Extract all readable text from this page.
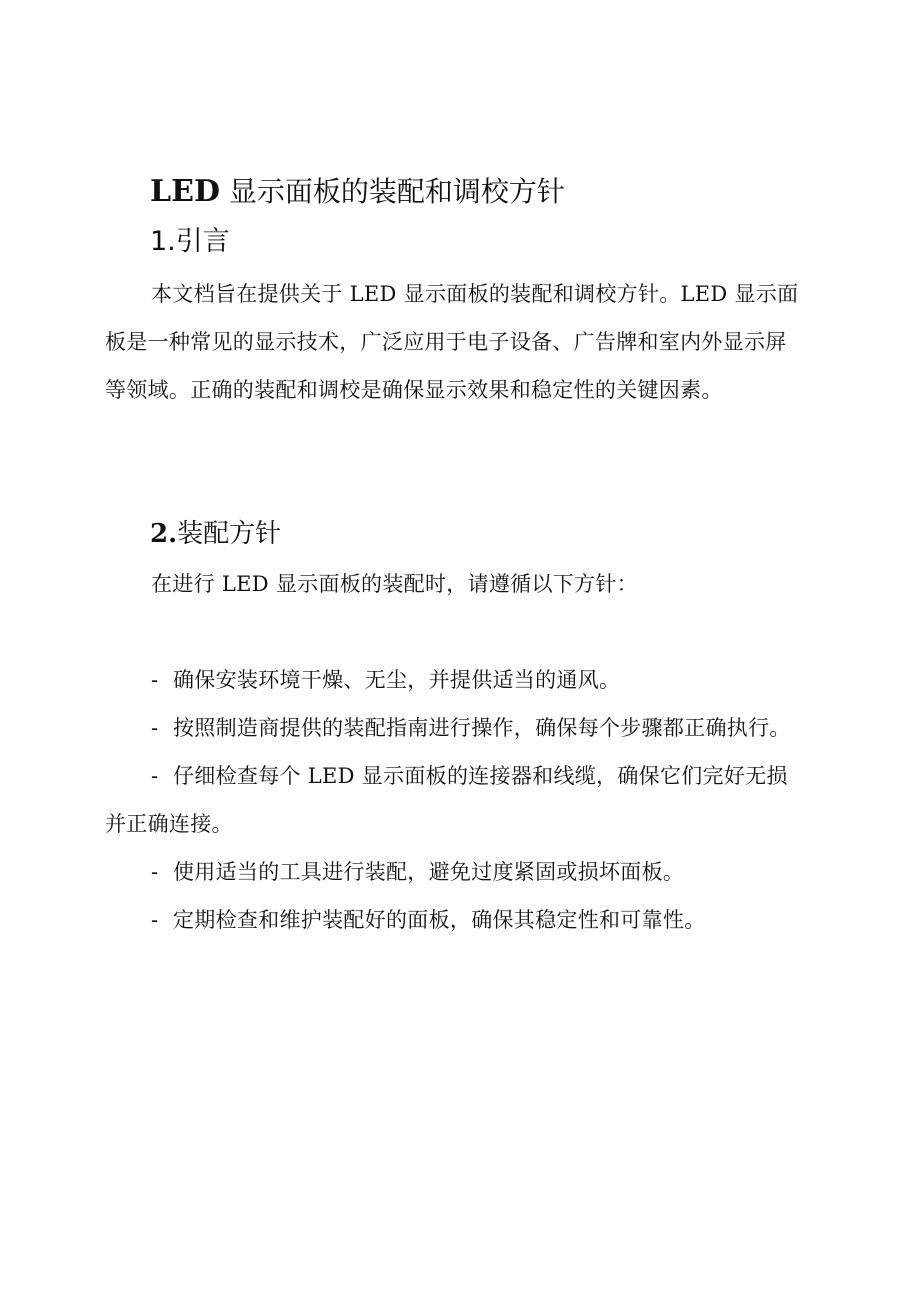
LED 显示面板的装配和调校方针
1.引言

本文档旨在提供关于 LED 显示面板的装配和调校方针。LED 显示面板是一种常见的显示技术，广泛应用于电子设备、广告牌和室内外显示屏等领域。正确的装配和调校是确保显示效果和稳定性的关键因素。

2.装配方针

在进行 LED 显示面板的装配时，请遵循以下方针：

- 确保安装环境干燥、无尘，并提供适当的通风。
- 按照制造商提供的装配指南进行操作，确保每个步骤都正确执行。
- 仔细检查每个 LED 显示面板的连接器和线缆，确保它们完好无损并正确连接。
- 使用适当的工具进行装配，避免过度紧固或损坏面板。
- 定期检查和维护装配好的面板，确保其稳定性和可靠性。
